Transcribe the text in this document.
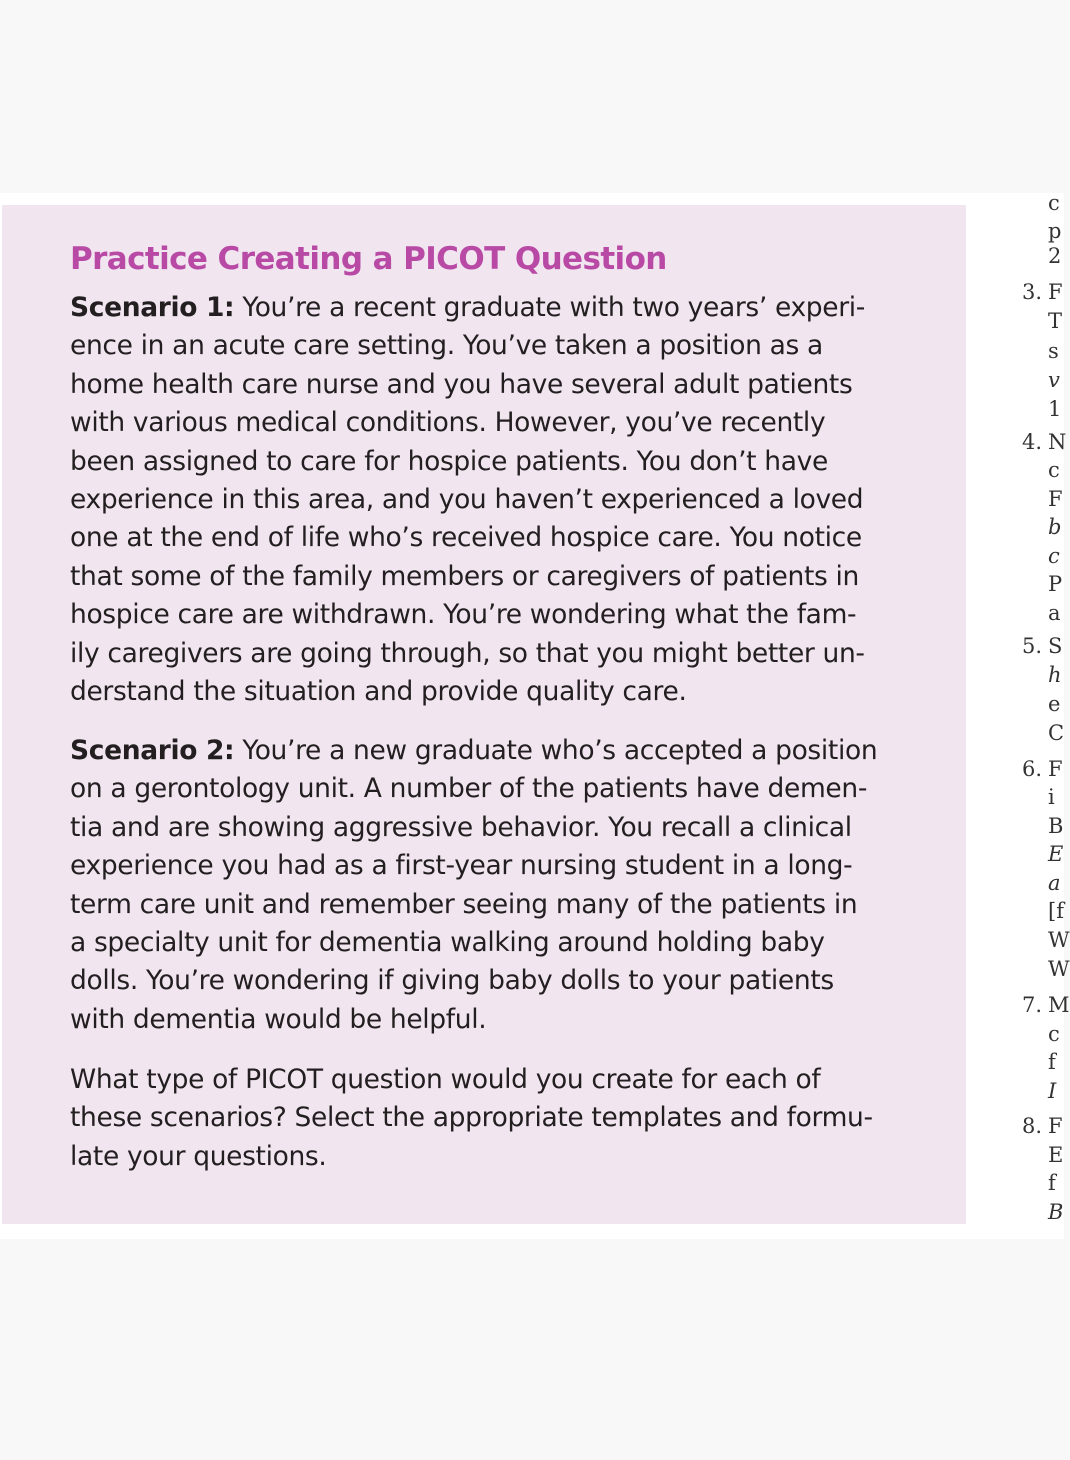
Practice Creating a PICOT Question

Scenario 1: You’re a recent graduate with two years’ experi-
ence in an acute care setting. You’ve taken a position as a
home health care nurse and you have several adult patients
with various medical conditions. However, you’ve recently
been assigned to care for hospice patients. You don’t have
experience in this area, and you haven’t experienced a loved
one at the end of life who’s received hospice care. You notice
that some of the family members or caregivers of patients in
hospice care are withdrawn. You’re wondering what the fam-
ily caregivers are going through, so that you might better un-
derstand the situation and provide quality care.

Scenario 2: You’re a new graduate who’s accepted a position
on a gerontology unit. A number of the patients have demen-
tia and are showing aggressive behavior. You recall a clinical
experience you had as a first-year nursing student in a long-
term care unit and remember seeing many of the patients in
a specialty unit for dementia walking around holding baby
dolls. You’re wondering if giving baby dolls to your patients
with dementia would be helpful.

What type of PICOT question would you create for each of
these scenarios? Select the appropriate templates and formu-
late your questions.

c
p
2
3. F
T
s
v
1
4. N
c
F
b
c
P
a
5. S
h
e
C
6. F
i
B
E
a
[f
W
W
7. M
c
f
I
8. F
E
f
B
